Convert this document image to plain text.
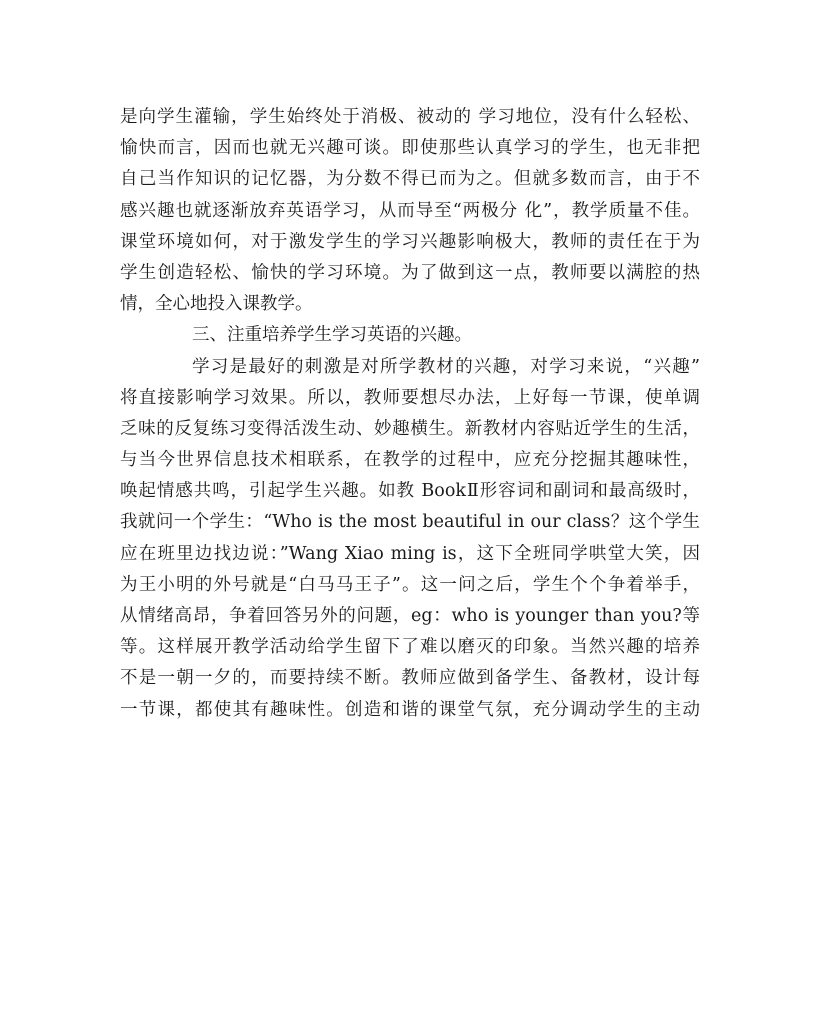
是向学生灌输，学生始终处于消极、被动的 学习地位，没有什么轻松、
愉快而言，因而也就无兴趣可谈。即使那些认真学习的学生，也无非把
自己当作知识的记忆器，为分数不得已而为之。但就多数而言，由于不
感兴趣也就逐渐放弃英语学习，从而导至“两极分 化”，教学质量不佳。
课堂环境如何，对于激发学生的学习兴趣影响极大，教师的责任在于为
学生创造轻松、愉快的学习环境。为了做到这一点，教师要以满腔的热
情，全心地投入课教学。
三、注重培养学生学习英语的兴趣。
学习是最好的刺激是对所学教材的兴趣，对学习来说，“兴趣”
将直接影响学习效果。所以，教师要想尽办法，上好每一节课，使单调
乏味的反复练习变得活泼生动、妙趣横生。新教材内容贴近学生的生活，
与当今世界信息技术相联系，在教学的过程中，应充分挖掘其趣味性，
唤起情感共鸣，引起学生兴趣。如教 BookⅡ形容词和副词和最高级时，
我就问一个学生：“Who is the most beautiful in our class？这个学生
应在班里边找边说：”Wang Xiao ming is，这下全班同学哄堂大笑，因
为王小明的外号就是“白马马王子”。这一问之后，学生个个争着举手，
从情绪高昂，争着回答另外的问题，eg：who is younger than you?等
等。这样展开教学活动给学生留下了难以磨灭的印象。当然兴趣的培养
不是一朝一夕的，而要持续不断。教师应做到备学生、备教材，设计每
一节课，都使其有趣味性。创造和谐的课堂气氛，充分调动学生的主动
